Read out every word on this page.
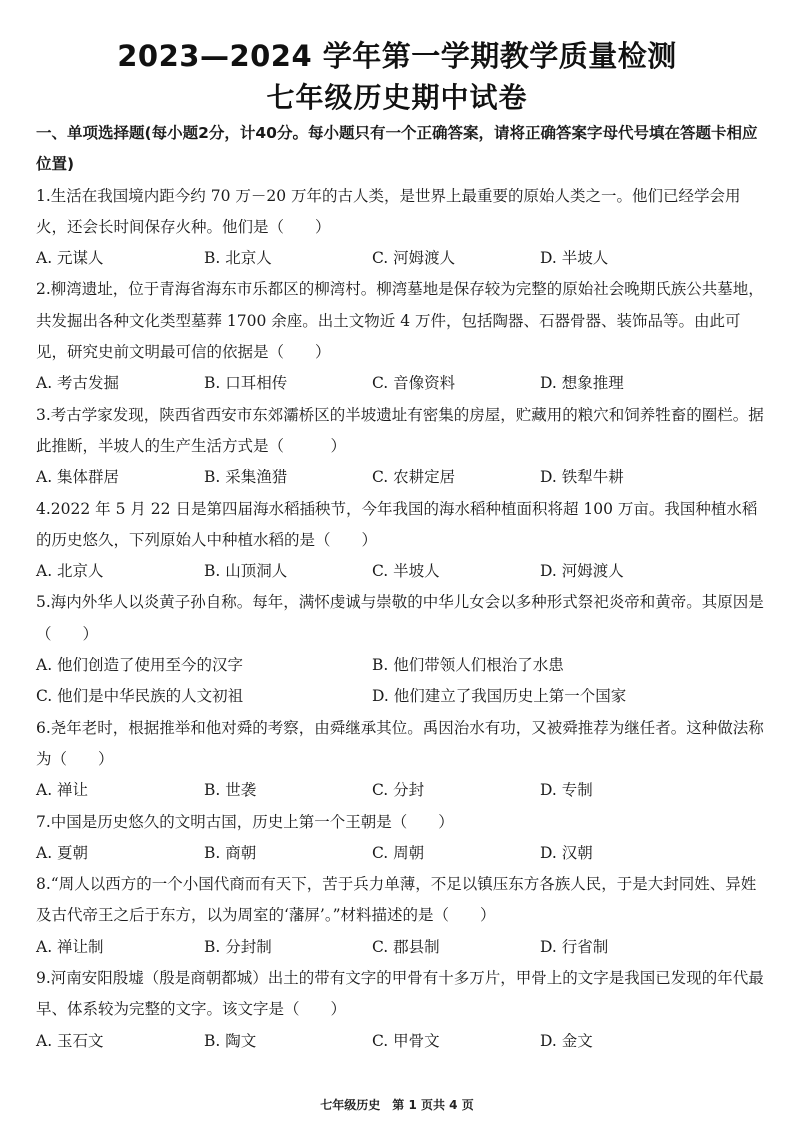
2023—2024 学年第一学期教学质量检测
七年级历史期中试卷
一、单项选择题(每小题2分，计40分。每小题只有一个正确答案，请将正确答案字母代号填在答题卡相应位置)

1.生活在我国境内距今约 70 万－20 万年的古人类，是世界上最重要的原始人类之一。他们已经学会用火，还会长时间保存火种。他们是（　　）

A. 元谋人	B. 北京人	C. 河姆渡人	D. 半坡人

2.柳湾遗址，位于青海省海东市乐都区的柳湾村。柳湾墓地是保存较为完整的原始社会晚期氏族公共墓地，共发掘出各种文化类型墓葬 1700 余座。出土文物近 4 万件，包括陶器、石器骨器、装饰品等。由此可见，研究史前文明最可信的依据是（　　）

A. 考古发掘	B. 口耳相传	C. 音像资料	D. 想象推理

3.考古学家发现，陕西省西安市东郊灞桥区的半坡遗址有密集的房屋，贮藏用的粮穴和饲养牲畜的圈栏。据此推断，半坡人的生产生活方式是（　　　）

A. 集体群居	B. 采集渔猎	C. 农耕定居	D. 铁犁牛耕

4.2022 年 5 月 22 日是第四届海水稻插秧节，今年我国的海水稻种植面积将超 100 万亩。我国种植水稻的历史悠久，下列原始人中种植水稻的是（　　）

A. 北京人	B. 山顶洞人	C. 半坡人	D. 河姆渡人

5.海内外华人以炎黄子孙自称。每年，满怀虔诚与崇敬的中华儿女会以多种形式祭祀炎帝和黄帝。其原因是（　　）

A. 他们创造了使用至今的汉字	B. 他们带领人们根治了水患
C. 他们是中华民族的人文初祖	D. 他们建立了我国历史上第一个国家

6.尧年老时，根据推举和他对舜的考察，由舜继承其位。禹因治水有功，又被舜推荐为继任者。这种做法称为（　　）

A. 禅让	B. 世袭	C. 分封	D. 专制

7.中国是历史悠久的文明古国，历史上第一个王朝是（　　）

A. 夏朝	B. 商朝	C. 周朝	D. 汉朝

8.“周人以西方的一个小国代商而有天下，苦于兵力单薄，不足以镇压东方各族人民，于是大封同姓、异姓及古代帝王之后于东方，以为周室的‘藩屏’。”材料描述的是（　　）

A. 禅让制	B. 分封制	C. 郡县制	D. 行省制

9.河南安阳殷墟（殷是商朝都城）出土的带有文字的甲骨有十多万片，甲骨上的文字是我国已发现的年代最早、体系较为完整的文字。该文字是（　　）

A. 玉石文	B. 陶文	C. 甲骨文	D. 金文
七年级历史　第 1 页共 4 页
